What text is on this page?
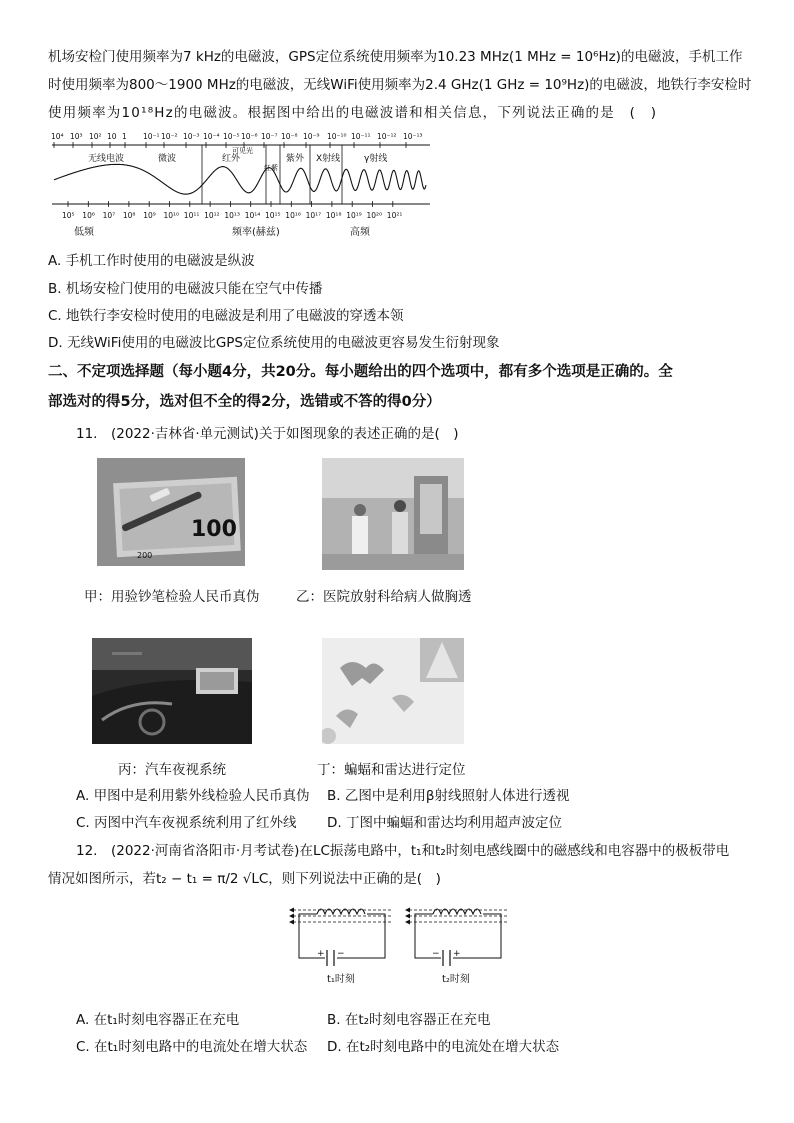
机场安检门使用频率为7 kHz的电磁波，GPS定位系统使用频率为10.23 MHz(1 MHz = 10⁶Hz)的电磁波，手机工作
时使用频率为800～1900 MHz的电磁波，无线WiFi使用频率为2.4 GHz(1 GHz = 10⁹Hz)的电磁波，地铁行李安检时
使用频率为10¹⁸Hz的电磁波。根据图中给出的电磁波谱和相关信息，下列说法正确的是　(　)
10⁴ 10³ 10² 10 1 10⁻¹ 10⁻² 10⁻³ 10⁻⁴ 10⁻⁵ 10⁻⁶ 10⁻⁷ 10⁻⁸ 10⁻⁹ 10⁻¹⁰ 10⁻¹¹ 10⁻¹² 10⁻¹³
无线电波	微波	红外
可见光
红紫
紫外 X射线	γ射线
10⁵ 10⁶ 10⁷ 10⁸ 10⁹ 10¹⁰ 10¹¹ 10¹² 10¹³ 10¹⁴ 10¹⁵ 10¹⁶ 10¹⁷ 10¹⁸ 10¹⁹ 10²⁰ 10²¹
低频	频率(赫兹)	高频
A. 手机工作时使用的电磁波是纵波
B. 机场安检门使用的电磁波只能在空气中传播
C. 地铁行李安检时使用的电磁波是利用了电磁波的穿透本领
D. 无线WiFi使用的电磁波比GPS定位系统使用的电磁波更容易发生衍射现象
二、不定项选择题（每小题4分，共20分。每小题给出的四个选项中，都有多个选项是正确的。全
部选对的得5分，选对但不全的得2分，选错或不答的得0分）
11.　(2022·吉林省·单元测试)关于如图现象的表述正确的是(　)
100
200
甲：用验钞笔检验人民币真伪	乙：医院放射科给病人做胸透
丙：汽车夜视系统	丁：蝙蝠和雷达进行定位
A. 甲图中是利用紫外线检验人民币真伪 B. 乙图中是利用β射线照射人体进行透视
C. 丙图中汽车夜视系统利用了红外线 D. 丁图中蝙蝠和雷达均利用超声波定位
12.　(2022·河南省洛阳市·月考试卷)在LC振荡电路中，t₁和t₂时刻电感线圈中的磁感线和电容器中的极板带电
情况如图所示，若t₂ − t₁ = π/2 √LC，则下列说法中正确的是(　)
+ −
t₁时刻
− +
t₂时刻
A. 在t₁时刻电容器正在充电	B. 在t₂时刻电容器正在充电
C. 在t₁时刻电路中的电流处在增大状态 D. 在t₂时刻电路中的电流处在增大状态
